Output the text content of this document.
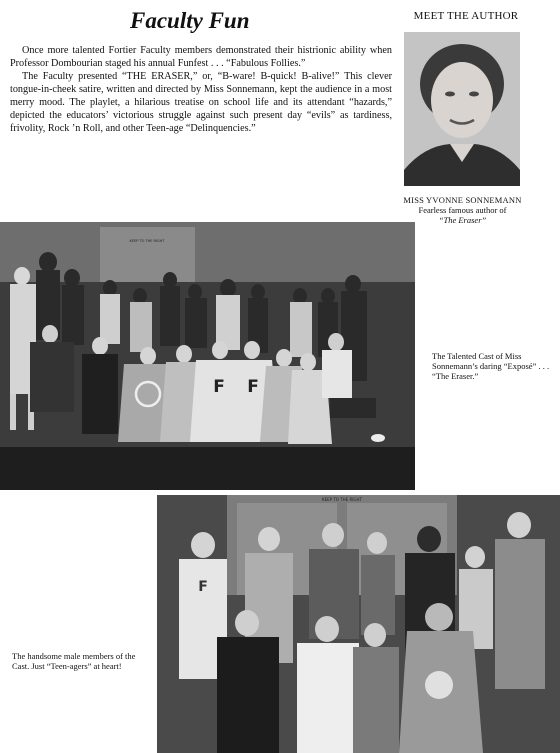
Faculty Fun

Once more talented Fortier Faculty members demonstrated their histrionic ability when Professor Dombourian staged his annual Funfest . . . “Fabulous Follies.”

The Faculty presented “THE ERASER,” or, “B-ware! B-quick! B-alive!” This clever tongue-in-cheek satire, written and directed by Miss Sonnemann, kept the audience in a most merry mood. The playlet, a hilarious treatise on school life and its attendant “hazards,” depicted the educators’ victorious struggle against such present day “evils” as tardiness, frivolity, Rock ’n Roll, and other Teen-age “Delinquencies.”

MEET THE AUTHOR
MISS YVONNE SONNEMANN
Fearless famous author of
“The Eraser”
KEEP TO THE RIGHT
F F
The Talented Cast of Miss Sonnemann’s daring “Exposé” . . . “The Eraser.”
KEEP TO THE RIGHT
F
The handsome male members of the Cast. Just “Teen-agers” at heart!
